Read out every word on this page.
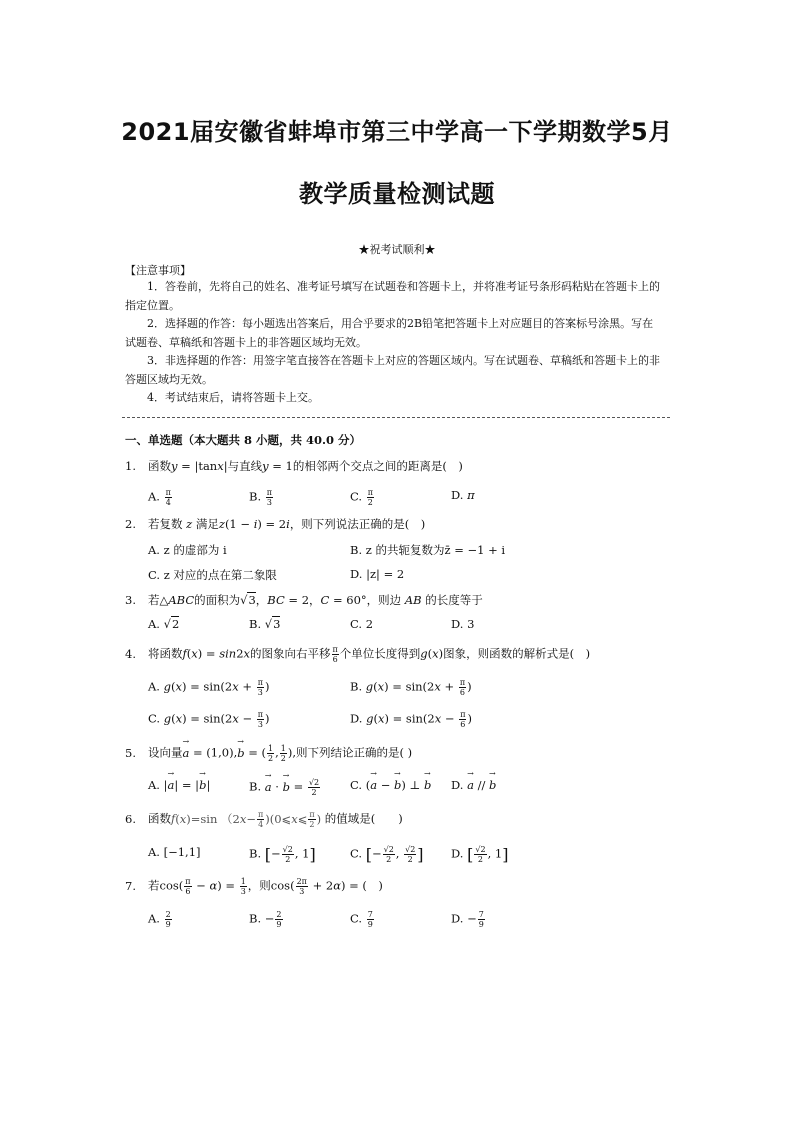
2021届安徽省蚌埠市第三中学高一下学期数学5月
教学质量检测试题
★祝考试顺利★
【注意事项】

1．答卷前，先将自己的姓名、准考证号填写在试题卷和答题卡上，并将准考证号条形码粘贴在答题卡上的

指定位置。

2．选择题的作答：每小题选出答案后，用合乎要求的2B铅笔把答题卡上对应题目的答案标号涂黑。写在

试题卷、草稿纸和答题卡上的非答题区域均无效。

3．非选择题的作答：用签字笔直接答在答题卡上对应的答题区域内。写在试题卷、草稿纸和答题卡上的非

答题区域均无效。

4．考试结束后，请将答题卡上交。

一、单选题（本大题共 8 小题，共 40.0 分）
1. 函数y = |tanx|与直线y = 1的相邻两个交点之间的距离是(　)
A. $\frac{\pi}{4}$	B. $\frac{\pi}{3}$	C. $\frac{\pi}{2}$	D. π
2. 若复数 z 满足z(1 − i) = 2i，则下列说法正确的是(　)
A. z 的虚部为 i	B. z 的共轭复数为z̄ = −1 + i
C. z 对应的点在第二象限	D. |z| = 2
3. 若△ABC的面积为√3，BC = 2，C = 60°，则边 AB 的长度等于
A. √2	B. √3	C. 2	D. 3
4. 将函数f(x) = sin2x的图象向右平移 $\frac{\pi}{6}$ 个单位长度得到g(x)图象，则函数的解析式是(　)
A. $g(x) = \sin(2x + \frac{\pi}{3}$ )	B. $g(x) = \sin(2x + \frac{\pi}{6}$ )
C. $g(x) = \sin(2x - \frac{\pi}{3}$ )	D. $g(x) = \sin(2x - \frac{\pi}{6}$ )
5. 设向量→ a = (1,0),→ b = ( $\frac{1}{2}$ , $\frac{1}{2}$ ),则下列结论正确的是( )
A. |→ a| = |→ b|	B. → a · → $b = \frac{√2}{2}$	C. (→ a − → b) ⊥ → b D. → a // → b
6. 函数f(x)=sin （$2x- \frac{\pi}{4}$ )(0⩽x⩽ $\frac{\pi}{2}$ ) 的值域是(　　)
A. [−1,1]	B. [− $\frac{√2}{2}$ , 1]	C. [− $\frac{√2}{2}$ , $\frac{√2}{2}$ ] D. [ $\frac{√2}{2}$ , 1]
7. 若$\cos( \frac{\pi}{6} - \alpha) = \frac{1}{3}$ ，则$\cos( \frac{2\pi}{3} + 2\alpha)$ = (　)
A. $\frac{2}{9}$	B. − $\frac{2}{9}$	C. $\frac{7}{9}$	D. − $\frac{7}{9}$
